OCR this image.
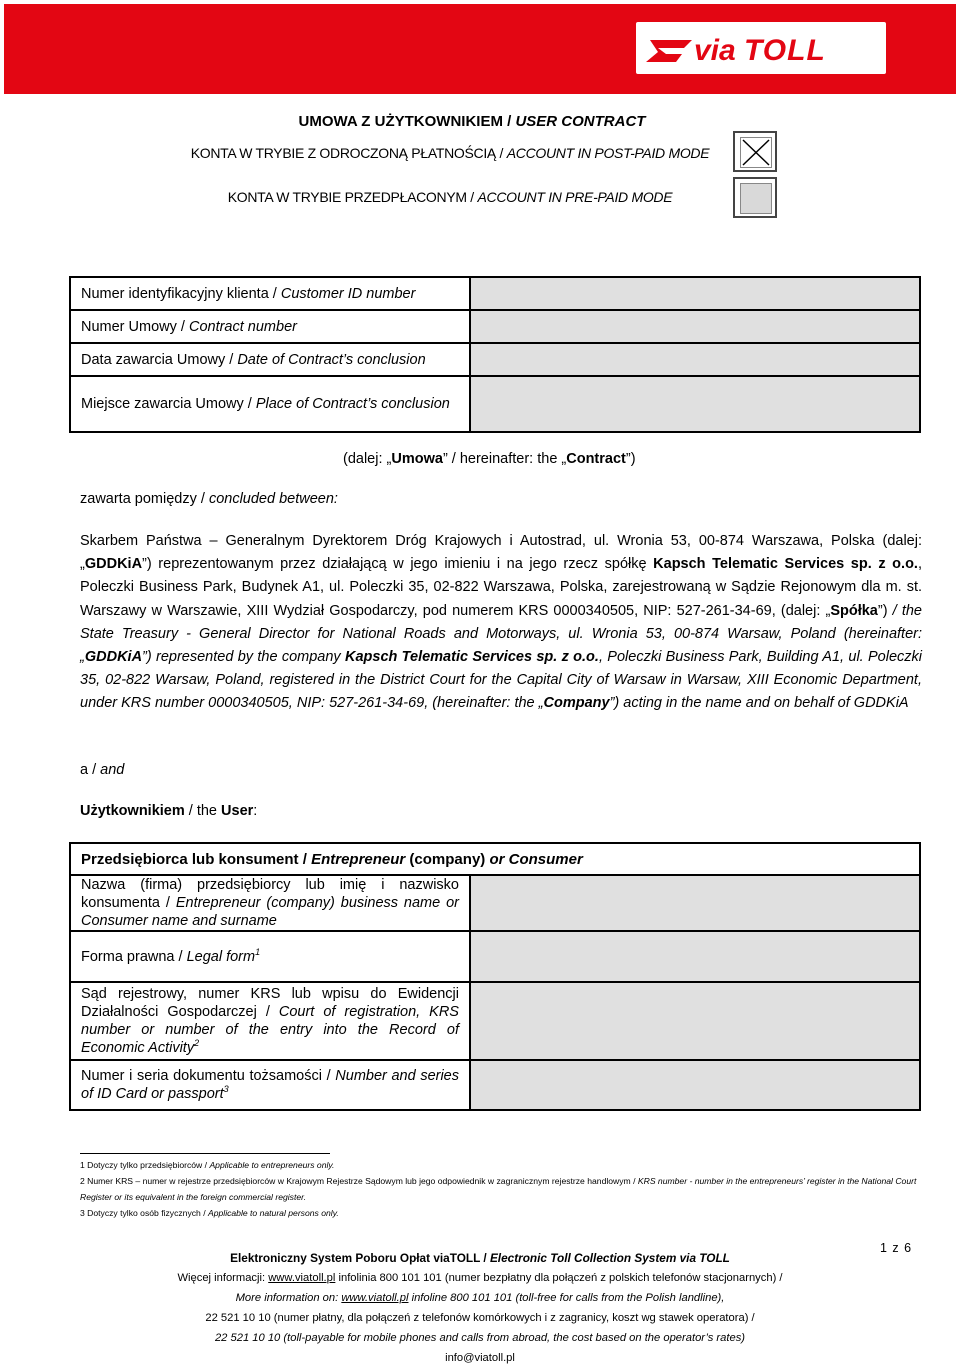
via TOLL
UMOWA Z UŻYTKOWNIKIEM / USER CONTRACT
KONTA W TRYBIE Z ODROCZONĄ PŁATNOŚCIĄ / ACCOUNT IN POST-PAID MODE
KONTA W TRYBIE PRZEDPŁACONYM / ACCOUNT IN PRE-PAID MODE
Numer identyfikacyjny klienta / Customer ID number	
Numer Umowy / Contract number	
Data zawarcia Umowy / Date of Contract’s conclusion	
Miejsce zawarcia Umowy / Place of Contract’s conclusion	
(dalej: „Umowa” / hereinafter: the „Contract”)
zawarta pomiędzy / concluded between:
Skarbem Państwa – Generalnym Dyrektorem Dróg Krajowych i Autostrad, ul. Wronia 53, 00-874 Warszawa, Polska (dalej: „GDDKiA”) reprezentowanym przez działającą w jego imieniu i na jego rzecz spółkę Kapsch Telematic Services sp. z o.o., Poleczki Business Park, Budynek A1, ul. Poleczki 35, 02-822 Warszawa, Polska, zarejestrowaną w Sądzie Rejonowym dla m. st. Warszawy w Warszawie, XIII Wydział Gospodarczy, pod numerem KRS 0000340505, NIP: 527-261-34-69, (dalej: „Spółka”) / the State Treasury - General Director for National Roads and Motorways, ul. Wronia 53, 00-874 Warsaw, Poland (hereinafter: „GDDKiA”) represented by the company Kapsch Telematic Services sp. z o.o., Poleczki Business Park, Building A1, ul. Poleczki 35, 02-822 Warsaw, Poland, registered in the District Court for the Capital City of Warsaw in Warsaw, XIII Economic Department, under KRS number 0000340505, NIP: 527-261-34-69, (hereinafter: the „Company”) acting in the name and on behalf of GDDKiA
a / and
Użytkownikiem / the User:
Przedsiębiorca lub konsument / Entrepreneur (company) or Consumer	
Nazwa (firma) przedsiębiorcy lub imię i nazwisko konsumenta / Entrepreneur (company) business name or Consumer name and surname	
Forma prawna / Legal form$^1$	
Sąd rejestrowy, numer KRS lub wpisu do Ewidencji Działalności Gospodarczej / Court of registration, KRS number or number of the entry into the Record of Economic Activity$^2$	
Numer i seria dokumentu tożsamości / Number and series of ID Card or passport$^3$	
1 Dotyczy tylko przedsiębiorców / Applicable to entrepreneurs only.
2 Numer KRS – numer w rejestrze przedsiębiorców w Krajowym Rejestrze Sądowym lub jego odpowiednik w zagranicznym rejestrze handlowym / KRS number - number in the entrepreneurs’ register in the National Court Register or its equivalent in the foreign commercial register.
3 Dotyczy tylko osób fizycznych / Applicable to natural persons only.
1 z 6
Elektroniczny System Poboru Opłat viaTOLL / Electronic Toll Collection System via TOLL
Więcej informacji: www.viatoll.pl infolinia 800 101 101 (numer bezpłatny dla połączeń z polskich telefonów stacjonarnych) /
More information on: www.viatoll.pl infoline 800 101 101 (toll-free for calls from the Polish landline),
22 521 10 10 (numer płatny, dla połączeń z telefonów komórkowych i z zagranicy, koszt wg stawek operatora) /
22 521 10 10 (toll-payable for mobile phones and calls from abroad, the cost based on the operator’s rates)
info@viatoll.pl
